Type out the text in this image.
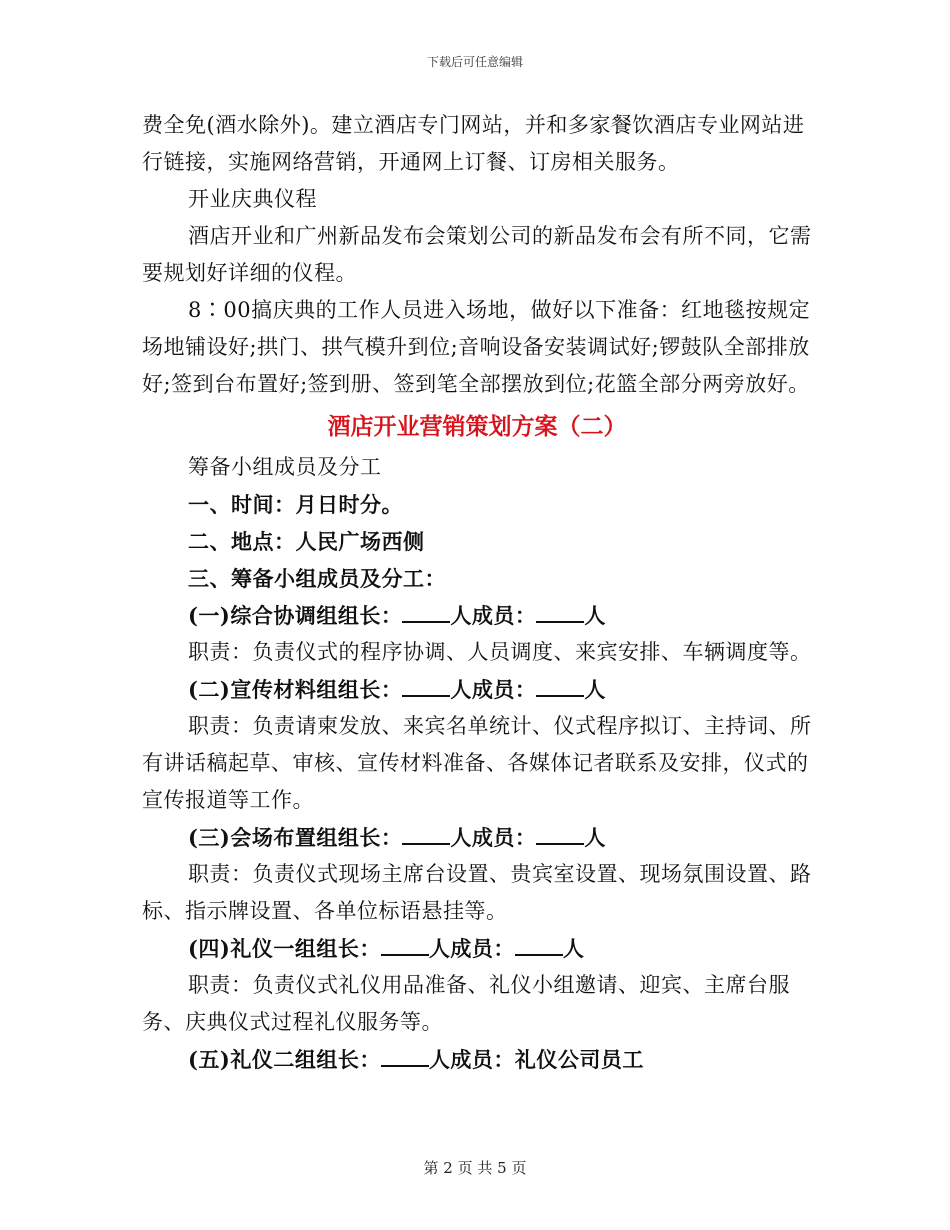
下载后可任意编辑

费全免(酒水除外)。建立酒店专门网站，并和多家餐饮酒店专业网站进行链接，实施网络营销，开通网上订餐、订房相关服务。

开业庆典仪程

酒店开业和广州新品发布会策划公司的新品发布会有所不同，它需要规划好详细的仪程。

8∶00搞庆典的工作人员进入场地，做好以下准备：红地毯按规定场地铺设好;拱门、拱气模升到位;音响设备安装调试好;锣鼓队全部排放好;签到台布置好;签到册、签到笔全部摆放到位;花篮全部分两旁放好。

酒店开业营销策划方案（二）

筹备小组成员及分工

一、时间：月日时分。

二、地点：人民广场西侧

三、筹备小组成员及分工：

(一)综合协调组组长： 人成员： 人

职责：负责仪式的程序协调、人员调度、来宾安排、车辆调度等。

(二)宣传材料组组长： 人成员： 人

职责：负责请柬发放、来宾名单统计、仪式程序拟订、主持词、所有讲话稿起草、审核、宣传材料准备、各媒体记者联系及安排，仪式的宣传报道等工作。

(三)会场布置组组长： 人成员： 人

职责：负责仪式现场主席台设置、贵宾室设置、现场氛围设置、路标、指示牌设置、各单位标语悬挂等。

(四)礼仪一组组长： 人成员： 人

职责：负责仪式礼仪用品准备、礼仪小组邀请、迎宾、主席台服务、庆典仪式过程礼仪服务等。

(五)礼仪二组组长： 人成员：礼仪公司员工

第 2 页 共 5 页
